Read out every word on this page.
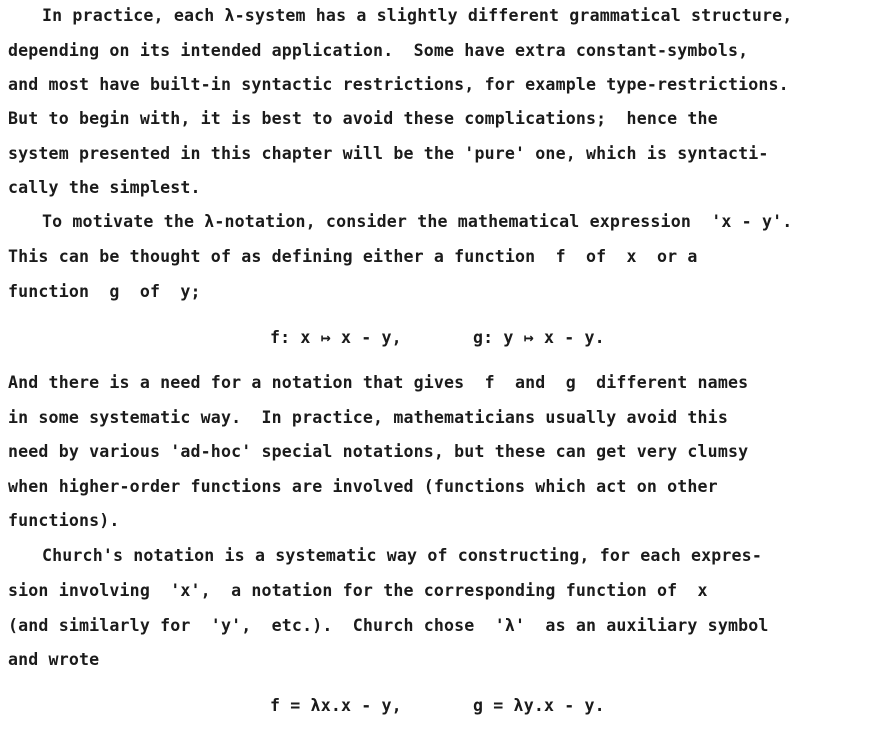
In practice, each λ-system has a slightly different grammatical structure,

depending on its intended application.  Some have extra constant-symbols,

and most have built-in syntactic restrictions, for example type-restrictions.

But to begin with, it is best to avoid these complications;  hence the

system presented in this chapter will be the 'pure' one, which is syntacti-

cally the simplest.

To motivate the λ-notation, consider the mathematical expression  'x - y'.

This can be thought of as defining either a function  f  of  x  or a

function  g  of  y;

f: x ↦ x - y,	g: y ↦ x - y.

And there is a need for a notation that gives  f  and  g  different names

in some systematic way.  In practice, mathematicians usually avoid this

need by various 'ad-hoc' special notations, but these can get very clumsy

when higher-order functions are involved (functions which act on other

functions).

Church's notation is a systematic way of constructing, for each expres-

sion involving  'x',  a notation for the corresponding function of  x

(and similarly for  'y',  etc.).  Church chose  'λ'  as an auxiliary symbol

and wrote

f = λx.x - y,	g = λy.x - y.
